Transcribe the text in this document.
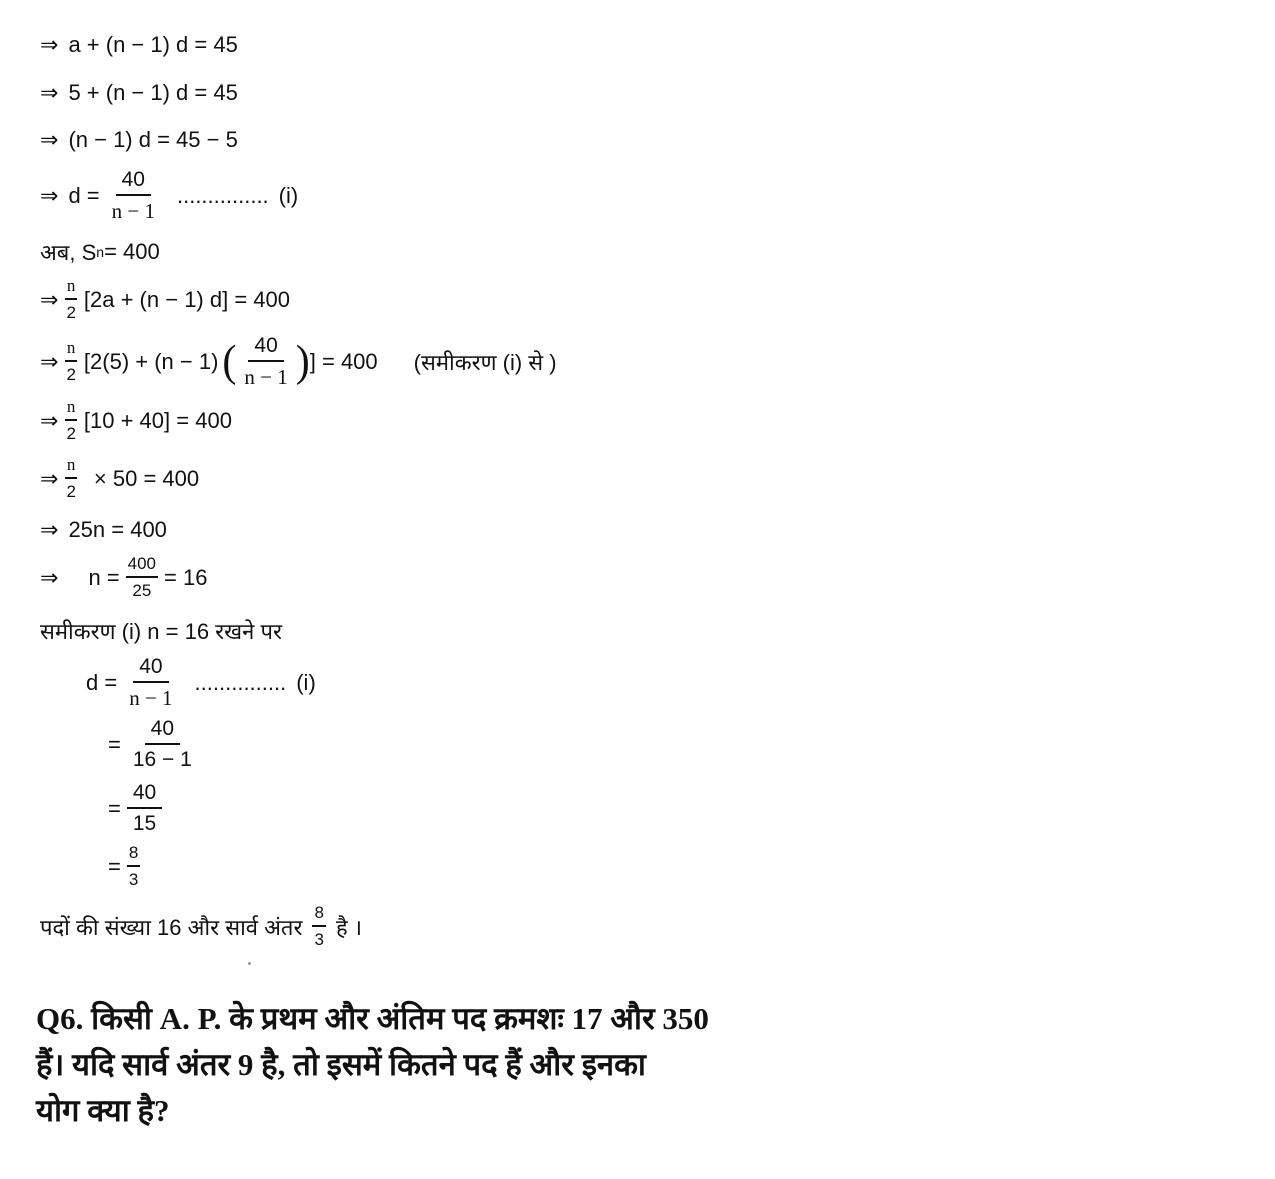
⇒ a + (n − 1) d = 45
⇒ 5 + (n − 1) d = 45
⇒ (n − 1) d = 45 − 5
⇒ $d = \frac{40}{n - 1}$ ............... (i)
अब, S n = 400
⇒ $\frac{n}{2} [2a + (n - 1) d] = 400$
⇒ $\frac{n}{2} [2(5) + (n - 1)$ ( $\frac{40}{n - 1}$ ) ] = 400 (समीकरण (i) से )
⇒ $\frac{n}{2} [10 + 40] = 400$
⇒ $\frac{n}{2} \times 50 = 400$
⇒ 25n = 400
⇒ $n = \frac{400}{25} = 16$
समीकरण (i) n = 16 रखने पर
$d = \frac{40}{n - 1}$ ............... (i)
= $\frac{40}{16 - 1}$
= $\frac{40}{15}$
= $\frac{8}{3}$
पदों की संख्या 16 और सार्व अंतर $\frac{8}{3}$ है ।
Q6. किसी A. P. के प्रथम और अंतिम पद क्रमशः 17 और 350
हैं। यदि सार्व अंतर 9 है, तो इसमें कितने पद हैं और इनका
योग क्या है?
